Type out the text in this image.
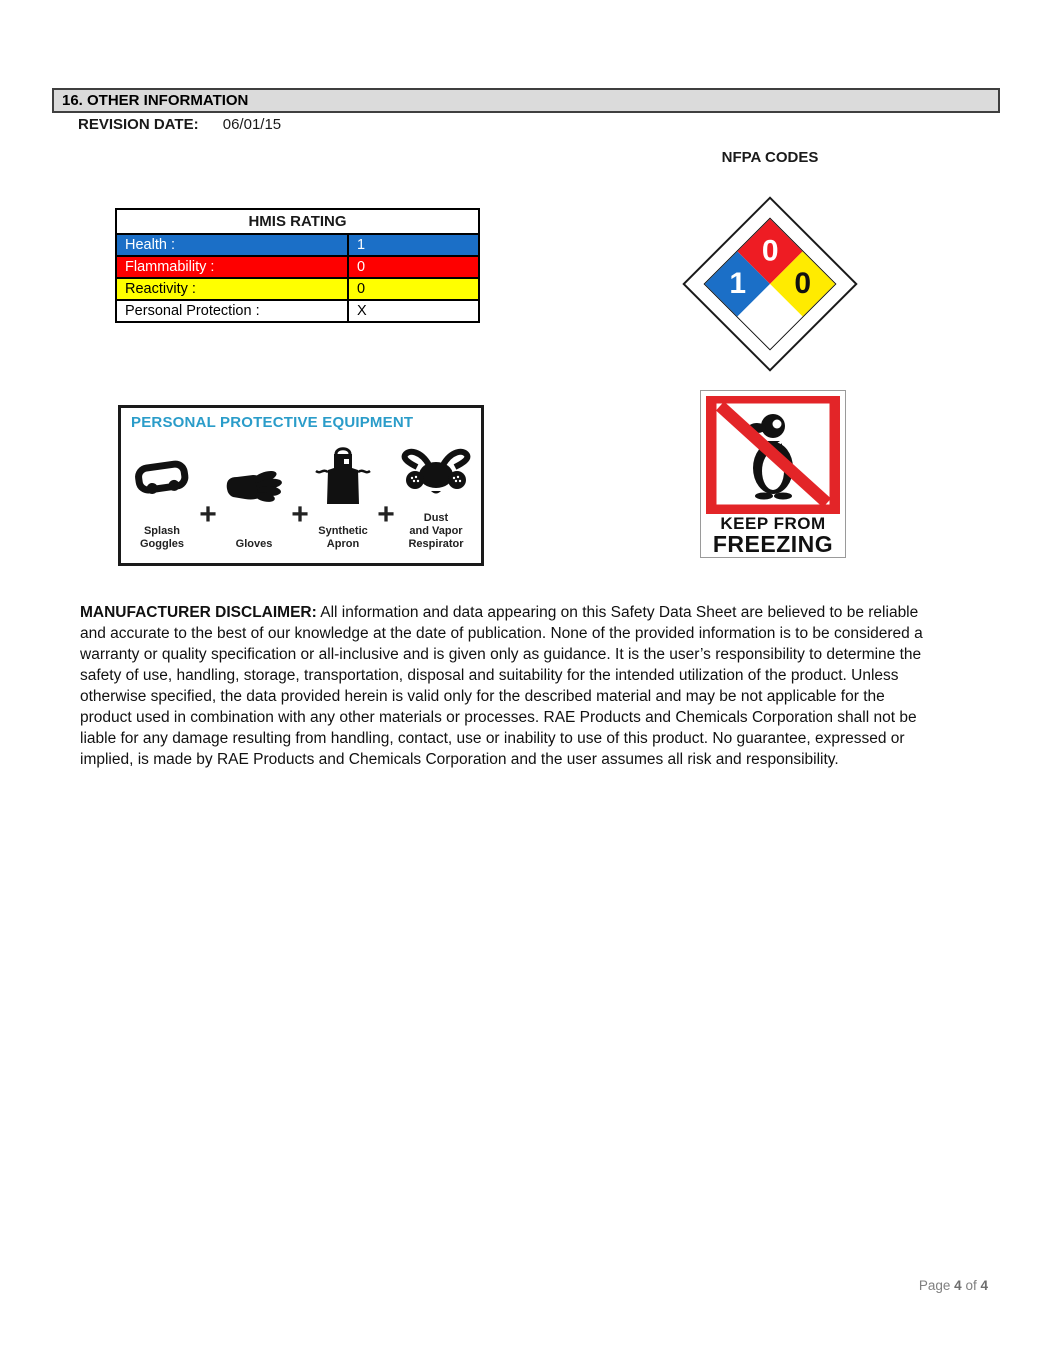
16. OTHER INFORMATION
REVISION DATE: 06/01/15
NFPA CODES
HMIS RATING
Health :	1
Flammability :	0
Reactivity :	0
Personal Protection :	X
0
0
1
PERSONAL PROTECTIVE EQUIPMENT
Splash
Goggles
+
Gloves
+ Synthetic
Apron
+	Dust
and Vapor
Respirator
KEEP FROM
FREEZING

MANUFACTURER DISCLAIMER: All information and data appearing on this Safety Data Sheet are believed to be reliable and accurate to the best of our knowledge at the date of publication. None of the provided information is to be considered a warranty or quality specification or all-inclusive and is given only as guidance. It is the user’s responsibility to determine the safety of use, handling, storage, transportation, disposal and suitability for the intended utilization of the product. Unless otherwise specified, the data provided herein is valid only for the described material and may be not applicable for the product used in combination with any other materials or processes. RAE Products and Chemicals Corporation shall not be liable for any damage resulting from handling, contact, use or inability to use of this product. No guarantee, expressed or implied, is made by RAE Products and Chemicals Corporation and the user assumes all risk and responsibility.

Page 4 of 4
